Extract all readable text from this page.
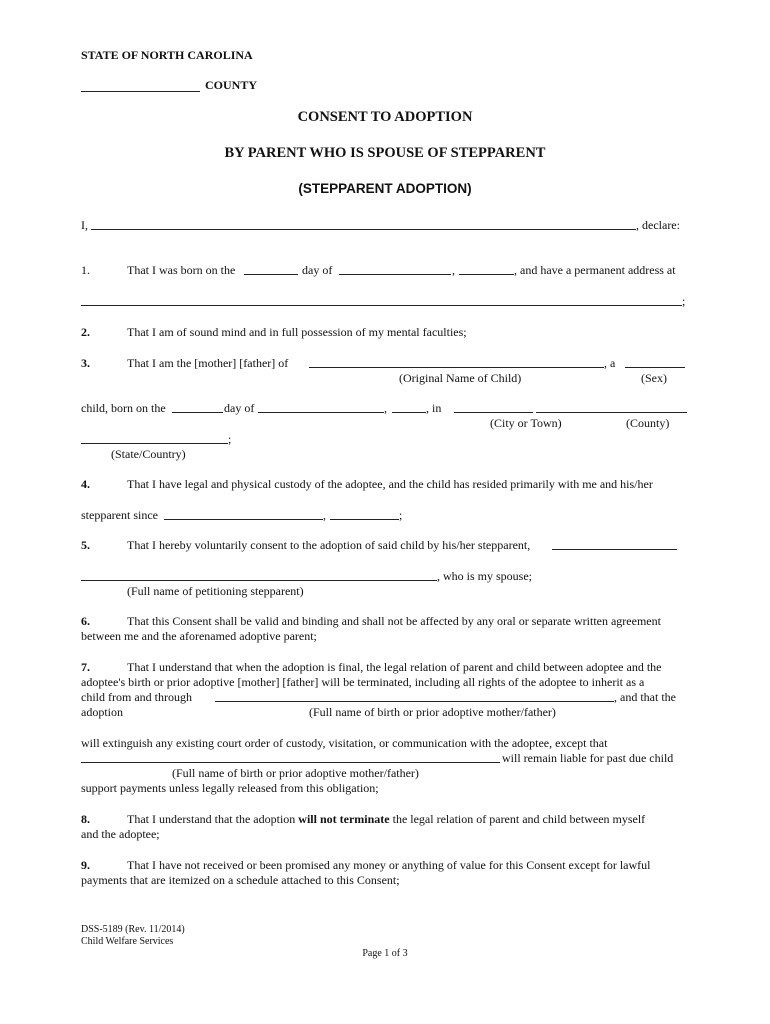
STATE OF NORTH CAROLINA
COUNTY
CONSENT TO ADOPTION
BY PARENT WHO IS SPOUSE OF STEPPARENT
(STEPPARENT ADOPTION)
I,	, declare:
1.	That I was born on the	day of	,	, and have a permanent address at
;
2.	That I am of sound mind and in full possession of my mental faculties;
3.	That I am the [mother] [father] of	, a
(Original Name of Child)	(Sex)
child, born on the	day of	,	, in
(City or Town)	(County)
;
(State/Country)
4.	That I have legal and physical custody of the adoptee, and the child has resided primarily with me and his/her
stepparent since	,	;
5.	That I hereby voluntarily consent to the adoption of said child by his/her stepparent,
, who is my spouse;
(Full name of petitioning stepparent)
6.	That this Consent shall be valid and binding and shall not be affected by any oral or separate written agreement
between me and the aforenamed adoptive parent;
7.	That I understand that when the adoption is final, the legal relation of parent and child between adoptee and the
adoptee's birth or prior adoptive [mother] [father] will be terminated, including all rights of the adoptee to inherit as a
child from and through	, and that the
adoption	(Full name of birth or prior adoptive mother/father)
will extinguish any existing court order of custody, visitation, or communication with the adoptee, except that
will remain liable for past due child
(Full name of birth or prior adoptive mother/father)
support payments unless legally released from this obligation;
8.	That I understand that the adoption will not terminate the legal relation of parent and child between myself
and the adoptee;
9.	That I have not received or been promised any money or anything of value for this Consent except for lawful
payments that are itemized on a schedule attached to this Consent;
DSS-5189 (Rev. 11/2014)
Child Welfare Services
Page 1 of 3
